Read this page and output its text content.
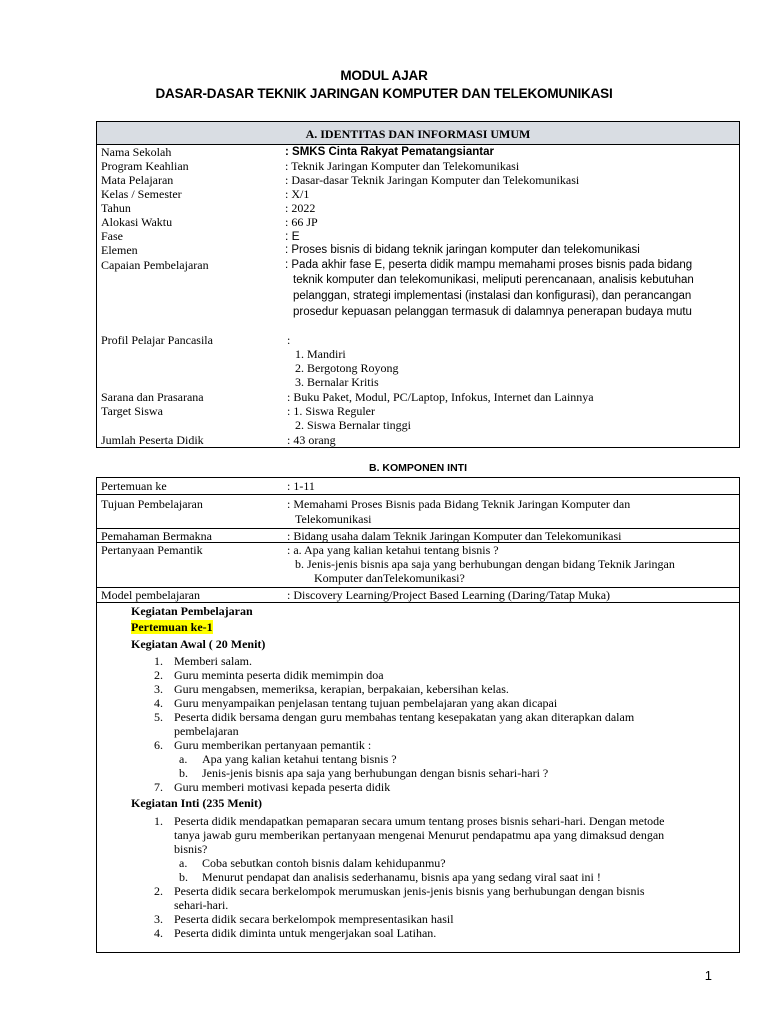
MODUL AJAR
DASAR-DASAR TEKNIK JARINGAN KOMPUTER DAN TELEKOMUNIKASI
A. IDENTITAS DAN INFORMASI UMUM
Nama Sekolah	: SMKS Cinta Rakyat Pematangsiantar
Program Keahlian	: Teknik Jaringan Komputer dan Telekomunikasi
Mata Pelajaran	: Dasar-dasar Teknik Jaringan Komputer dan Telekomunikasi
Kelas / Semester	: X/1
Tahun	: 2022
Alokasi Waktu	: 66 JP
Fase	: E
Elemen	: Proses bisnis di bidang teknik jaringan komputer dan telekomunikasi
Capaian Pembelajaran	: Pada akhir fase E, peserta didik mampu memahami proses bisnis pada bidang
teknik komputer dan telekomunikasi, meliputi perencanaan, analisis kebutuhan
pelanggan, strategi implementasi (instalasi dan konfigurasi), dan perancangan
prosedur kepuasan pelanggan termasuk di dalamnya penerapan budaya mutu
Profil Pelajar Pancasila	:
1. Mandiri
2. Bergotong Royong
3. Bernalar Kritis
Sarana dan Prasarana	: Buku Paket, Modul, PC/Laptop, Infokus, Internet dan Lainnya
Target Siswa	: 1. Siswa Reguler
2. Siswa Bernalar tinggi
Jumlah Peserta Didik	: 43 orang
B. KOMPONEN INTI
Pertemuan ke	: 1-11
Tujuan Pembelajaran	: Memahami Proses Bisnis pada Bidang Teknik Jaringan Komputer dan
Telekomunikasi
Pemahaman Bermakna	: Bidang usaha dalam Teknik Jaringan Komputer dan Telekomunikasi
Pertanyaan Pemantik	: a. Apa yang kalian ketahui tentang bisnis ?
b. Jenis-jenis bisnis apa saja yang berhubungan dengan bidang Teknik Jaringan
Komputer danTelekomunikasi?
Model pembelajaran	: Discovery Learning/Project Based Learning (Daring/Tatap Muka)
Kegiatan Pembelajaran
Pertemuan ke-1
Kegiatan Awal ( 20 Menit)
1. Memberi salam.
2. Guru meminta peserta didik memimpin doa
3. Guru mengabsen, memeriksa, kerapian, berpakaian, kebersihan kelas.
4. Guru menyampaikan penjelasan tentang tujuan pembelajaran yang akan dicapai
5. Peserta didik bersama dengan guru membahas tentang kesepakatan yang akan diterapkan dalam
pembelajaran
6. Guru memberikan pertanyaan pemantik :
a. Apa yang kalian ketahui tentang bisnis ?
b. Jenis-jenis bisnis apa saja yang berhubungan dengan bisnis sehari-hari ?
7. Guru memberi motivasi kepada peserta didik
Kegiatan Inti (235 Menit)
1. Peserta didik mendapatkan pemaparan secara umum tentang proses bisnis sehari-hari. Dengan metode
tanya jawab guru memberikan pertanyaan mengenai Menurut pendapatmu apa yang dimaksud dengan
bisnis?
a. Coba sebutkan contoh bisnis dalam kehidupanmu?
b. Menurut pendapat dan analisis sederhanamu, bisnis apa yang sedang viral saat ini !
2. Peserta didik secara berkelompok merumuskan jenis-jenis bisnis yang berhubungan dengan bisnis
sehari-hari.
3. Peserta didik secara berkelompok mempresentasikan hasil
4. Peserta didik diminta untuk mengerjakan soal Latihan.
1
